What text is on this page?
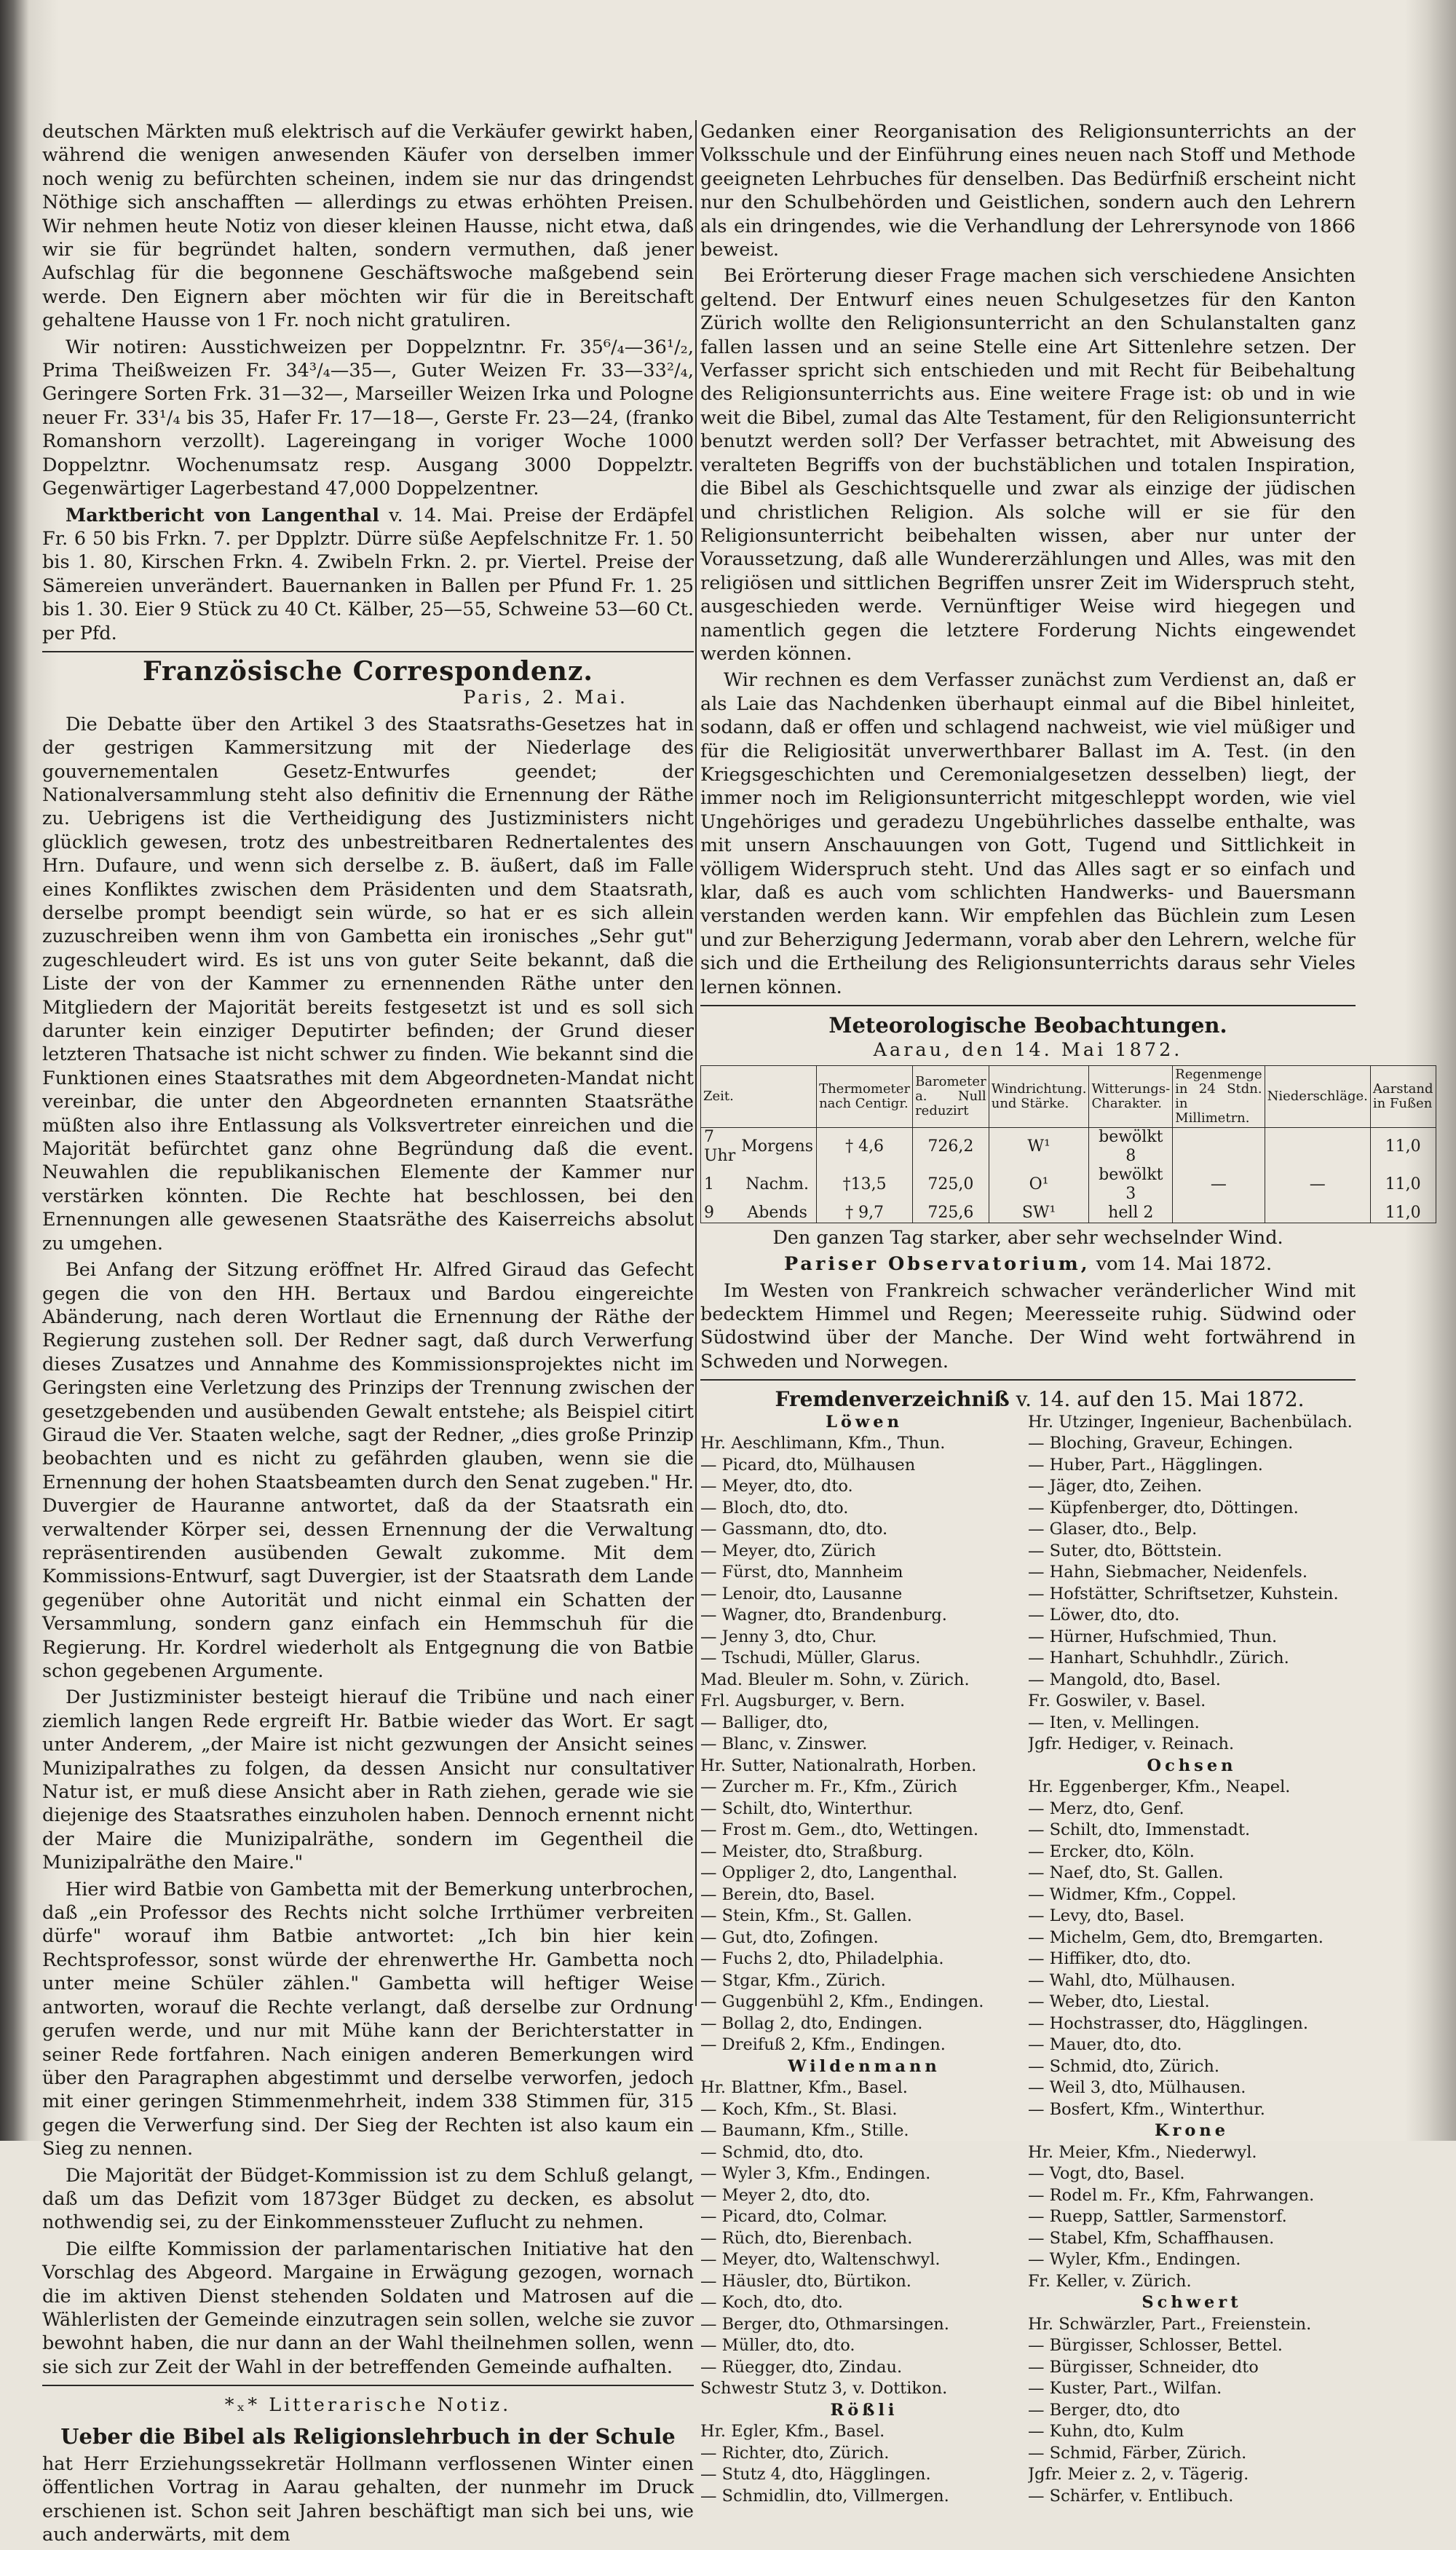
deutschen Märkten muß elektrisch auf die Verkäufer gewirkt haben, während die wenigen anwesenden Käufer von derselben immer noch wenig zu befürchten scheinen, indem sie nur das dringendst Nöthige sich anschafften — allerdings zu etwas erhöhten Preisen. Wir nehmen heute Notiz von dieser kleinen Hausse, nicht etwa, daß wir sie für begründet halten, sondern vermuthen, daß jener Aufschlag für die begonnene Geschäftswoche maßgebend sein werde. Den Eignern aber möchten wir für die in Bereitschaft gehaltene Hausse von 1 Fr. noch nicht gratuliren.

Wir notiren: Ausstichweizen per Doppelzntnr. Fr. 35⁶/₄—36¹/₂, Prima Theißweizen Fr. 34³/₄—35—, Guter Weizen Fr. 33—33²/₄, Geringere Sorten Frk. 31—32—, Marseiller Weizen Irka und Pologne neuer Fr. 33¹/₄ bis 35, Hafer Fr. 17—18—, Gerste Fr. 23—24, (franko Romanshorn verzollt). Lagereingang in voriger Woche 1000 Doppelztnr. Wochenumsatz resp. Ausgang 3000 Doppelztr. Gegenwärtiger Lagerbestand 47,000 Doppelzentner.

Marktbericht von Langenthal v. 14. Mai. Preise der Erdäpfel Fr. 6 50 bis Frkn. 7. per Dpplztr. Dürre süße Aepfelschnitze Fr. 1. 50 bis 1. 80, Kirschen Frkn. 4. Zwibeln Frkn. 2. pr. Viertel. Preise der Sämereien unverändert. Bauernanken in Ballen per Pfund Fr. 1. 25 bis 1. 30. Eier 9 Stück zu 40 Ct. Kälber, 25—55, Schweine 53—60 Ct. per Pfd.

Französische Correspondenz.

Paris, 2. Mai.

Die Debatte über den Artikel 3 des Staatsraths-Gesetzes hat in der gestrigen Kammersitzung mit der Niederlage des gouvernementalen Gesetz-Entwurfes geendet; der Nationalversammlung steht also definitiv die Ernennung der Räthe zu. Uebrigens ist die Vertheidigung des Justizministers nicht glücklich gewesen, trotz des unbestreitbaren Rednertalentes des Hrn. Dufaure, und wenn sich derselbe z. B. äußert, daß im Falle eines Konfliktes zwischen dem Präsidenten und dem Staatsrath, derselbe prompt beendigt sein würde, so hat er es sich allein zuzuschreiben wenn ihm von Gambetta ein ironisches „Sehr gut" zugeschleudert wird. Es ist uns von guter Seite bekannt, daß die Liste der von der Kammer zu ernennenden Räthe unter den Mitgliedern der Majorität bereits festgesetzt ist und es soll sich darunter kein einziger Deputirter befinden; der Grund dieser letzteren Thatsache ist nicht schwer zu finden. Wie bekannt sind die Funktionen eines Staatsrathes mit dem Abgeordneten-Mandat nicht vereinbar, die unter den Abgeordneten ernannten Staatsräthe müßten also ihre Entlassung als Volksvertreter einreichen und die Majorität befürchtet ganz ohne Begründung daß die event. Neuwahlen die republikanischen Elemente der Kammer nur verstärken könnten. Die Rechte hat beschlossen, bei den Ernennungen alle gewesenen Staatsräthe des Kaiserreichs absolut zu umgehen.

Bei Anfang der Sitzung eröffnet Hr. Alfred Giraud das Gefecht gegen die von den HH. Bertaux und Bardou eingereichte Abänderung, nach deren Wortlaut die Ernennung der Räthe der Regierung zustehen soll. Der Redner sagt, daß durch Verwerfung dieses Zusatzes und Annahme des Kommissionsprojektes nicht im Geringsten eine Verletzung des Prinzips der Trennung zwischen der gesetzgebenden und ausübenden Gewalt entstehe; als Beispiel citirt Giraud die Ver. Staaten welche, sagt der Redner, „dies große Prinzip beobachten und es nicht zu gefährden glauben, wenn sie die Ernennung der hohen Staatsbeamten durch den Senat zugeben." Hr. Duvergier de Hauranne antwortet, daß da der Staatsrath ein verwaltender Körper sei, dessen Ernennung der die Verwaltung repräsentirenden ausübenden Gewalt zukomme. Mit dem Kommissions-Entwurf, sagt Duvergier, ist der Staatsrath dem Lande gegenüber ohne Autorität und nicht einmal ein Schatten der Versammlung, sondern ganz einfach ein Hemmschuh für die Regierung. Hr. Kordrel wiederholt als Entgegnung die von Batbie schon gegebenen Argumente.

Der Justizminister besteigt hierauf die Tribüne und nach einer ziemlich langen Rede ergreift Hr. Batbie wieder das Wort. Er sagt unter Anderem, „der Maire ist nicht gezwungen der Ansicht seines Munizipalrathes zu folgen, da dessen Ansicht nur consultativer Natur ist, er muß diese Ansicht aber in Rath ziehen, gerade wie sie diejenige des Staatsrathes einzuholen haben. Dennoch ernennt nicht der Maire die Munizipalräthe, sondern im Gegentheil die Munizipalräthe den Maire."

Hier wird Batbie von Gambetta mit der Bemerkung unterbrochen, daß „ein Professor des Rechts nicht solche Irrthümer verbreiten dürfe" worauf ihm Batbie antwortet: „Ich bin hier kein Rechtsprofessor, sonst würde der ehrenwerthe Hr. Gambetta noch unter meine Schüler zählen." Gambetta will heftiger Weise antworten, worauf die Rechte verlangt, daß derselbe zur Ordnung gerufen werde, und nur mit Mühe kann der Berichterstatter in seiner Rede fortfahren. Nach einigen anderen Bemerkungen wird über den Paragraphen abgestimmt und derselbe verworfen, jedoch mit einer geringen Stimmenmehrheit, indem 338 Stimmen für, 315 gegen die Verwerfung sind. Der Sieg der Rechten ist also kaum ein Sieg zu nennen.

Die Majorität der Büdget-Kommission ist zu dem Schluß gelangt, daß um das Defizit vom 1873ger Büdget zu decken, es absolut nothwendig sei, zu der Einkommenssteuer Zuflucht zu nehmen.

Die eilfte Kommission der parlamentarischen Initiative hat den Vorschlag des Abgeord. Margaine in Erwägung gezogen, wornach die im aktiven Dienst stehenden Soldaten und Matrosen auf die Wählerlisten der Gemeinde einzutragen sein sollen, welche sie zuvor bewohnt haben, die nur dann an der Wahl theilnehmen sollen, wenn sie sich zur Zeit der Wahl in der betreffenden Gemeinde aufhalten.

*ₓ* Litterarische Notiz.

Ueber die Bibel als Religionslehrbuch in der Schule

hat Herr Erziehungssekretär Hollmann verflossenen Winter einen öffentlichen Vortrag in Aarau gehalten, der nunmehr im Druck erschienen ist. Schon seit Jahren beschäftigt man sich bei uns, wie auch anderwärts, mit dem

Gedanken einer Reorganisation des Religionsunterrichts an der Volksschule und der Einführung eines neuen nach Stoff und Methode geeigneten Lehrbuches für denselben. Das Bedürfniß erscheint nicht nur den Schulbehörden und Geistlichen, sondern auch den Lehrern als ein dringendes, wie die Verhandlung der Lehrersynode von 1866 beweist.

Bei Erörterung dieser Frage machen sich verschiedene Ansichten geltend. Der Entwurf eines neuen Schulgesetzes für den Kanton Zürich wollte den Religionsunterricht an den Schulanstalten ganz fallen lassen und an seine Stelle eine Art Sittenlehre setzen. Der Verfasser spricht sich entschieden und mit Recht für Beibehaltung des Religionsunterrichts aus. Eine weitere Frage ist: ob und in wie weit die Bibel, zumal das Alte Testament, für den Religionsunterricht benutzt werden soll? Der Verfasser betrachtet, mit Abweisung des veralteten Begriffs von der buchstäblichen und totalen Inspiration, die Bibel als Geschichtsquelle und zwar als einzige der jüdischen und christlichen Religion. Als solche will er sie für den Religionsunterricht beibehalten wissen, aber nur unter der Voraussetzung, daß alle Wundererzählungen und Alles, was mit den religiösen und sittlichen Begriffen unsrer Zeit im Widerspruch steht, ausgeschieden werde. Vernünftiger Weise wird hiegegen und namentlich gegen die letztere Forderung Nichts eingewendet werden können.

Wir rechnen es dem Verfasser zunächst zum Verdienst an, daß er als Laie das Nachdenken überhaupt einmal auf die Bibel hinleitet, sodann, daß er offen und schlagend nachweist, wie viel müßiger und für die Religiosität unverwerthbarer Ballast im A. Test. (in den Kriegsgeschichten und Ceremonialgesetzen desselben) liegt, der immer noch im Religionsunterricht mitgeschleppt worden, wie viel Ungehöriges und geradezu Ungebührliches dasselbe enthalte, was mit unsern Anschauungen von Gott, Tugend und Sittlichkeit in völligem Widerspruch steht. Und das Alles sagt er so einfach und klar, daß es auch vom schlichten Handwerks- und Bauersmann verstanden werden kann. Wir empfehlen das Büchlein zum Lesen und zur Beherzigung Jedermann, vorab aber den Lehrern, welche für sich und die Ertheilung des Religionsunterrichts daraus sehr Vieles lernen können.

Meteorologische Beobachtungen.

Aarau, den 14. Mai 1872.

Zeit.		Thermometer nach Centigr.	Barometer a. Null reduzirt	Windrichtung. und Stärke.	Witterungs-Charakter.	Regenmenge in 24 Stdn. in Millimetrn.	Niederschläge.	Aarstand in Fußen
7 Uhr	Morgens	† 4,6	726,2	W¹	bewölkt 8			11,0
1	Nachm.	†13,5	725,0	O¹	bewölkt 3	—	—	11,0
9	Abends	† 9,7	725,6	SW¹	hell 2			11,0

Den ganzen Tag starker, aber sehr wechselnder Wind.

Pariser Observatorium, vom 14. Mai 1872.

Im Westen von Frankreich schwacher veränderlicher Wind mit bedecktem Himmel und Regen; Meeresseite ruhig. Südwind oder Südostwind über der Manche. Der Wind weht fortwährend in Schweden und Norwegen.

Fremdenverzeichniß v. 14. auf den 15. Mai 1872.

Löwen
Hr. Aeschlimann, Kfm., Thun.
— Picard, dto, Mülhausen
— Meyer, dto, dto.
— Bloch, dto, dto.
— Gassmann, dto, dto.
— Meyer, dto, Zürich
— Fürst, dto, Mannheim
— Lenoir, dto, Lausanne
— Wagner, dto, Brandenburg.
— Jenny 3, dto, Chur.
— Tschudi, Müller, Glarus.
Mad. Bleuler m. Sohn, v. Zürich.
Frl. Augsburger, v. Bern.
— Balliger, dto,
— Blanc, v. Zinswer.
Hr. Sutter, Nationalrath, Horben.
— Zurcher m. Fr., Kfm., Zürich
— Schilt, dto, Winterthur.
— Frost m. Gem., dto, Wettingen.
— Meister, dto, Straßburg.
— Oppliger 2, dto, Langenthal.
— Berein, dto, Basel.
— Stein, Kfm., St. Gallen.
— Gut, dto, Zofingen.
— Fuchs 2, dto, Philadelphia.
— Stgar, Kfm., Zürich.
— Guggenbühl 2, Kfm., Endingen.
— Bollag 2, dto, Endingen.
— Dreifuß 2, Kfm., Endingen.
Wildenmann
Hr. Blattner, Kfm., Basel.
— Koch, Kfm., St. Blasi.
— Baumann, Kfm., Stille.
— Schmid, dto, dto.
— Wyler 3, Kfm., Endingen.
— Meyer 2, dto, dto.
— Picard, dto, Colmar.
— Rüch, dto, Bierenbach.
— Meyer, dto, Waltenschwyl.
— Häusler, dto, Bürtikon.
— Koch, dto, dto.
— Berger, dto, Othmarsingen.
— Müller, dto, dto.
— Rüegger, dto, Zindau.
Schwestr Stutz 3, v. Dottikon.
Rößli
Hr. Egler, Kfm., Basel.
— Richter, dto, Zürich.
— Stutz 4, dto, Hägglingen.
— Schmidlin, dto, Villmergen.
Hr. Utzinger, Ingenieur, Bachenbülach.
— Bloching, Graveur, Echingen.
— Huber, Part., Hägglingen.
— Jäger, dto, Zeihen.
— Küpfenberger, dto, Döttingen.
— Glaser, dto., Belp.
— Suter, dto, Böttstein.
— Hahn, Siebmacher, Neidenfels.
— Hofstätter, Schriftsetzer, Kuhstein.
— Löwer, dto, dto.
— Hürner, Hufschmied, Thun.
— Hanhart, Schuhhdlr., Zürich.
— Mangold, dto, Basel.
Fr. Goswiler, v. Basel.
— Iten, v. Mellingen.
Jgfr. Hediger, v. Reinach.
Ochsen
Hr. Eggenberger, Kfm., Neapel.
— Merz, dto, Genf.
— Schilt, dto, Immenstadt.
— Ercker, dto, Köln.
— Naef, dto, St. Gallen.
— Widmer, Kfm., Coppel.
— Levy, dto, Basel.
— Michelm, Gem, dto, Bremgarten.
— Hiffiker, dto, dto.
— Wahl, dto, Mülhausen.
— Weber, dto, Liestal.
— Hochstrasser, dto, Hägglingen.
— Mauer, dto, dto.
— Schmid, dto, Zürich.
— Weil 3, dto, Mülhausen.
— Bosfert, Kfm., Winterthur.
Krone
Hr. Meier, Kfm., Niederwyl.
— Vogt, dto, Basel.
— Rodel m. Fr., Kfm, Fahrwangen.
— Ruepp, Sattler, Sarmenstorf.
— Stabel, Kfm, Schaffhausen.
— Wyler, Kfm., Endingen.
Fr. Keller, v. Zürich.
Schwert
Hr. Schwärzler, Part., Freienstein.
— Bürgisser, Schlosser, Bettel.
— Bürgisser, Schneider, dto
— Kuster, Part., Wilfan.
— Berger, dto, dto
— Kuhn, dto, Kulm
— Schmid, Färber, Zürich.
Jgfr. Meier z. 2, v. Tägerig.
— Schärfer, v. Entlibuch.
